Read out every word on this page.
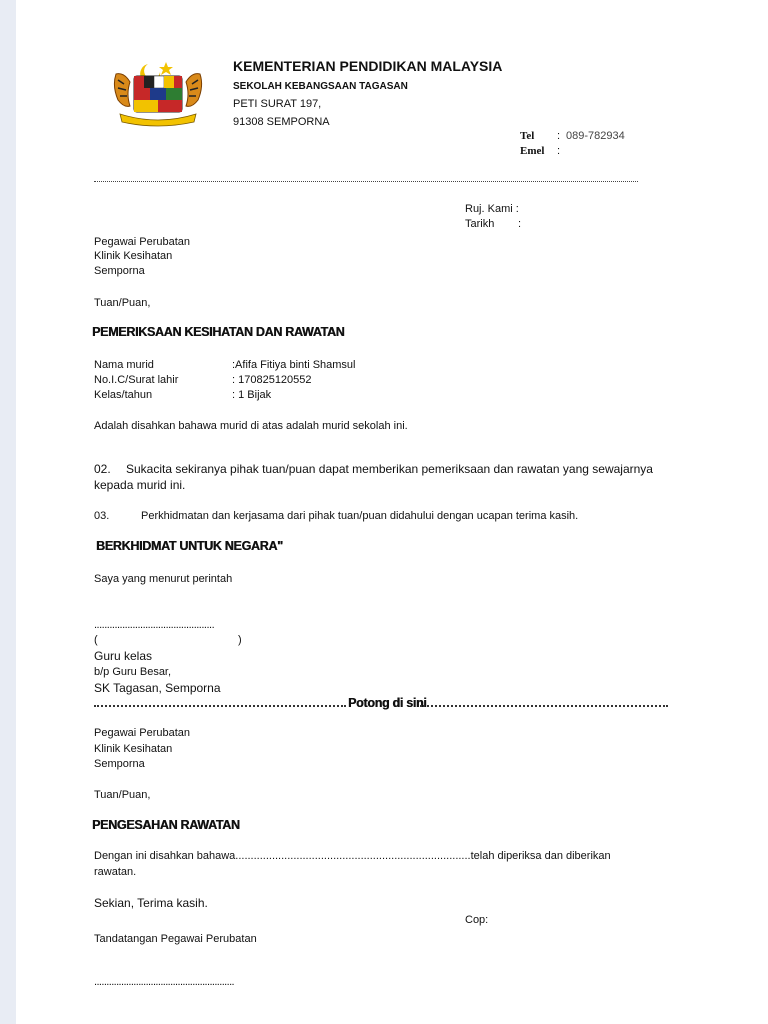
KEMENTERIAN PENDIDIKAN MALAYSIA
SEKOLAH KEBANGSAAN TAGASAN
PETI SURAT 197,
91308 SEMPORNA
Tel : 089-782934
Emel :
Ruj. Kami :
Tarikh :
Pegawai Perubatan
Klinik Kesihatan
Semporna
Tuan/Puan,
PEMERIKSAAN KESIHATAN DAN RAWATAN
Nama murid	:Afifa Fitiya binti Shamsul
No.I.C/Surat lahir	: 170825120552
Kelas/tahun	: 1 Bijak
Adalah disahkan bahawa murid di atas adalah murid sekolah ini.
02. Sukacita sekiranya pihak tuan/puan dapat memberikan pemeriksaan dan rawatan yang sewajarnya
kepada murid ini.
03.	Perkhidmatan dan kerjasama dari pihak tuan/puan didahului dengan ucapan terima kasih.
BERKHIDMAT UNTUK NEGARA"
Saya yang menurut perintah
...............................................
(	)
Guru kelas
b/p Guru Besar,
SK Tagasan, Semporna
Potong di sini
Pegawai Perubatan
Klinik Kesihatan
Semporna
Tuan/Puan,
PENGESAHAN RAWATAN
Dengan ini disahkan bahawa.............................................................................telah diperiksa dan diberikan
rawatan.
Sekian, Terima kasih.
Cop:
Tandatangan Pegawai Perubatan
.........................................................
